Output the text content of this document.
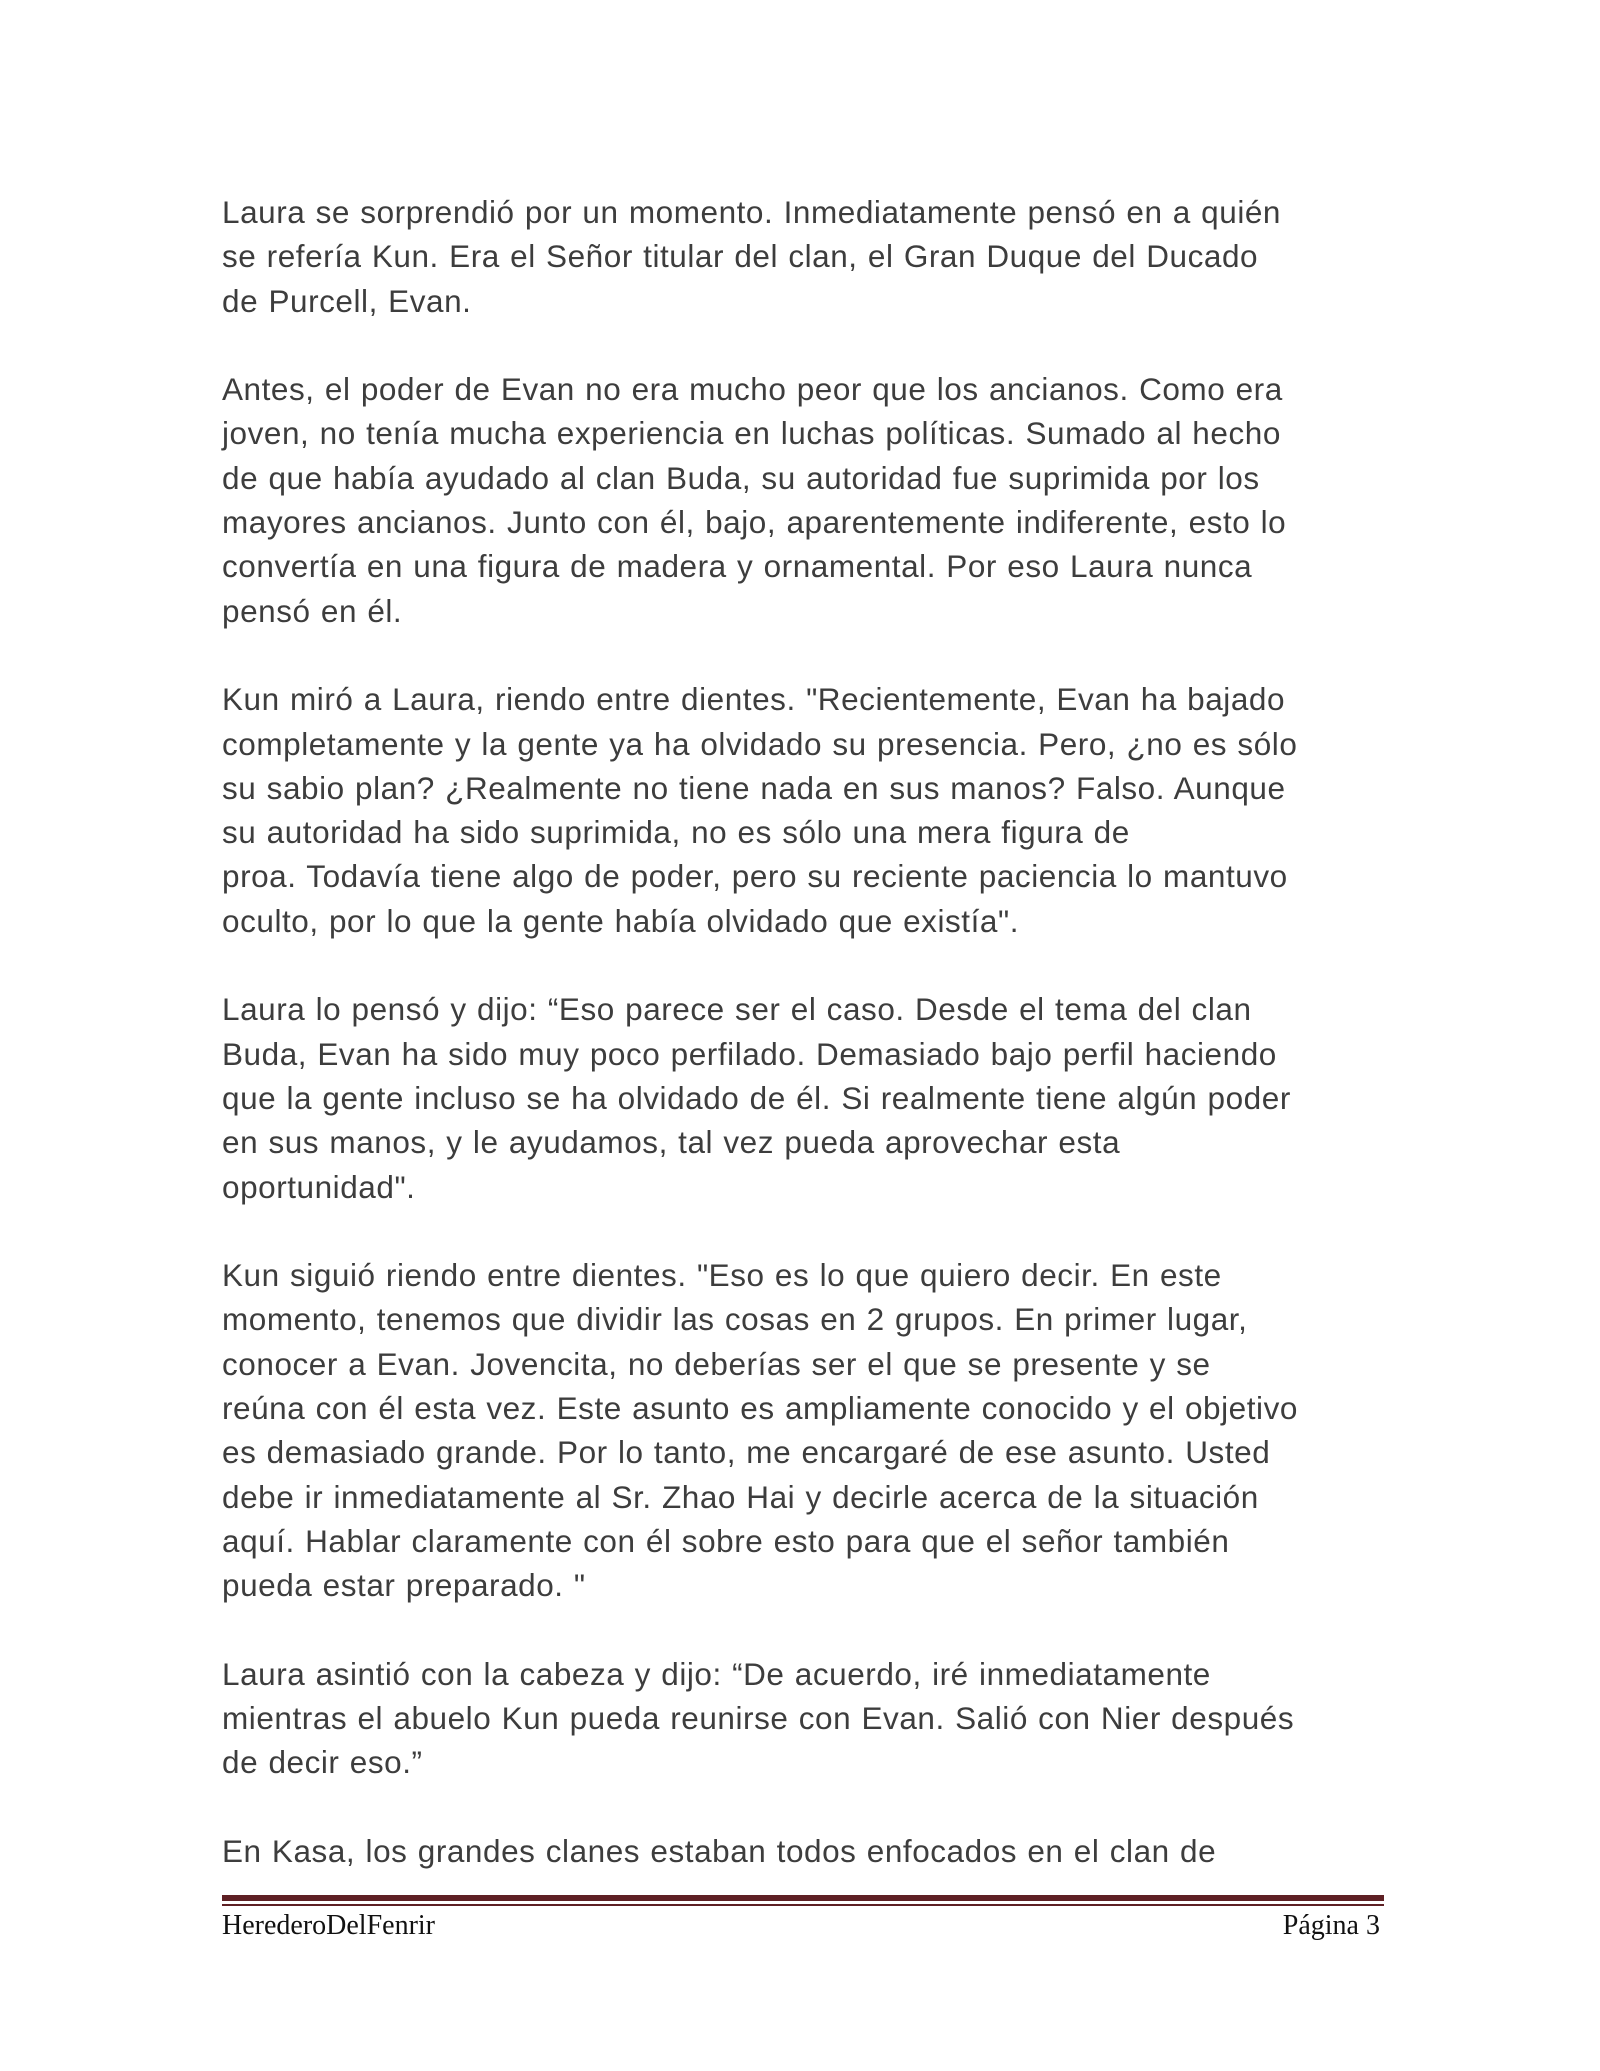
Laura se sorprendió por un momento. Inmediatamente pensó en a quién
se refería Kun. Era el Señor titular del clan, el Gran Duque del Ducado
de Purcell, Evan.

Antes, el poder de Evan no era mucho peor que los ancianos. Como era
joven, no tenía mucha experiencia en luchas políticas. Sumado al hecho
de que había ayudado al clan Buda, su autoridad fue suprimida por los
mayores ancianos. Junto con él, bajo, aparentemente indiferente, esto lo
convertía en una figura de madera y ornamental. Por eso Laura nunca
pensó en él.

Kun miró a Laura, riendo entre dientes. "Recientemente, Evan ha bajado
completamente y la gente ya ha olvidado su presencia. Pero, ¿no es sólo
su sabio plan? ¿Realmente no tiene nada en sus manos? Falso. Aunque
su autoridad ha sido suprimida, no es sólo una mera figura de
proa. Todavía tiene algo de poder, pero su reciente paciencia lo mantuvo
oculto, por lo que la gente había olvidado que existía".

Laura lo pensó y dijo: “Eso parece ser el caso. Desde el tema del clan
Buda, Evan ha sido muy poco perfilado. Demasiado bajo perfil haciendo
que la gente incluso se ha olvidado de él. Si realmente tiene algún poder
en sus manos, y le ayudamos, tal vez pueda aprovechar esta
oportunidad".

Kun siguió riendo entre dientes. "Eso es lo que quiero decir. En este
momento, tenemos que dividir las cosas en 2 grupos. En primer lugar,
conocer a Evan. Jovencita, no deberías ser el que se presente y se
reúna con él esta vez. Este asunto es ampliamente conocido y el objetivo
es demasiado grande. Por lo tanto, me encargaré de ese asunto. Usted
debe ir inmediatamente al Sr. Zhao Hai y decirle acerca de la situación
aquí. Hablar claramente con él sobre esto para que el señor también
pueda estar preparado. "

Laura asintió con la cabeza y dijo: “De acuerdo, iré inmediatamente
mientras el abuelo Kun pueda reunirse con Evan. Salió con Nier después
de decir eso.”

En Kasa, los grandes clanes estaban todos enfocados en el clan de

HerederoDelFenrir	Página 3
